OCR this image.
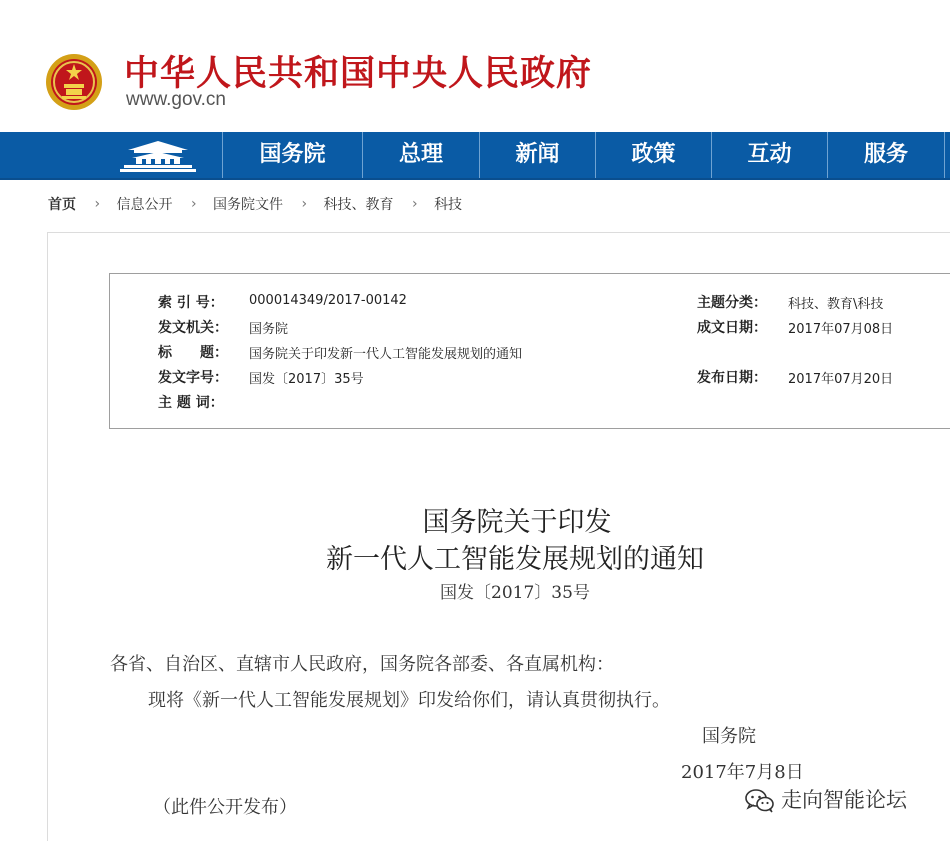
中华人民共和国中央人民政府
www.gov.cn
国务院	总理	新闻	政策	互动	服务
首页 › 信息公开 › 国务院文件 › 科技、教育 › 科技
索 引 号： 000014349/2017-00142
发文机关： 国务院
标　　题： 国务院关于印发新一代人工智能发展规划的通知
发文字号： 国发〔2017〕35号
主 题 词：
主题分类： 科技、教育\科技
成文日期： 2017年07月08日
发布日期： 2017年07月20日
国务院关于印发
新一代人工智能发展规划的通知
国发〔2017〕35号
各省、自治区、直辖市人民政府，国务院各部委、各直属机构：
现将《新一代人工智能发展规划》印发给你们，请认真贯彻执行。
国务院
2017年7月8日
（此件公开发布）	走向智能论坛
